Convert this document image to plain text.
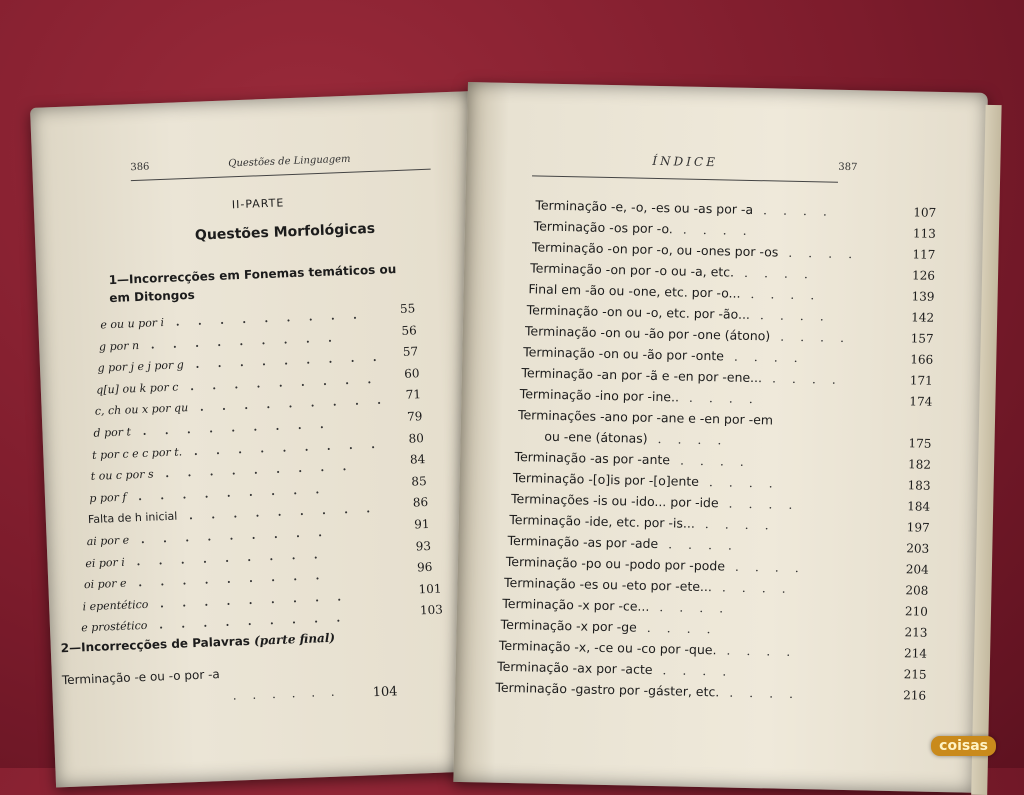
386	Questões de Linguagem
II-PARTE
Questões Morfológicas
1—Incorrecções em Fonemas temáticos ou em Ditongos
e ou u por i . . . . . . . . .	55
g por n . . . . . . . . .	56
g por j e j por g . . . . . . . . . 57
q[u] ou k por c . . . . . . . . . 60
c, ch ou x por qu . . . . . . . . . 71
d por t . . . . . . . . .	79
t por c e c por t. . . . . . . . . . 80
t ou c por s . . . . . . . . .	84
p por f . . . . . . . . .	85
Falta de h inicial . . . . . . . . .	86
ai por e . . . . . . . . .	91
ei por i . . . . . . . . .	93
oi por e . . . . . . . . .	96
i epentético . . . . . . . . .	101
e prostético . . . . . . . . .	103
2—Incorrecções de Palavras (parte final)
Terminação -e ou -o por -a
. . . . . . 104
ÍNDICE	387
Terminação -e, -o, -es ou -as por -a . . . .	107
Terminação -os por -o. . . . .	113
Terminação -on por -o, ou -ones por -os . . . .	117
Terminação -on por -o ou -a, etc. . . . .	126
Final em -ão ou -one, etc. por -o... . . . .	139
Terminação -on ou -o, etc. por -ão... . . . .	142
Terminação -on ou -ão por -one (átono) . . . .	157
Terminação -on ou -ão por -onte . . . .	166
Terminação -an por -ã e -en por -ene... . . . .	171
Terminação -ino por -ine.. . . . .	174
Terminações -ano por -ane e -en por -em
ou -ene (átonas) . . . .	175
Terminação -as por -ante . . . .	182
Terminação -[o]is por -[o]ente . . . .	183
Terminações -is ou -ido... por -ide . . . .	184
Terminação -ide, etc. por -is... . . . .	197
Terminação -as por -ade . . . .	203
Terminação -po ou -podo por -pode . . . .	204
Terminação -es ou -eto por -ete... . . . .	208
Terminação -x por -ce... . . . .	210
Terminação -x por -ge . . . .	213
Terminação -x, -ce ou -co por -que. . . . .	214
Terminação -ax por -acte . . . .	215
Terminação -gastro por -gáster, etc. . . . .	216
coisas
